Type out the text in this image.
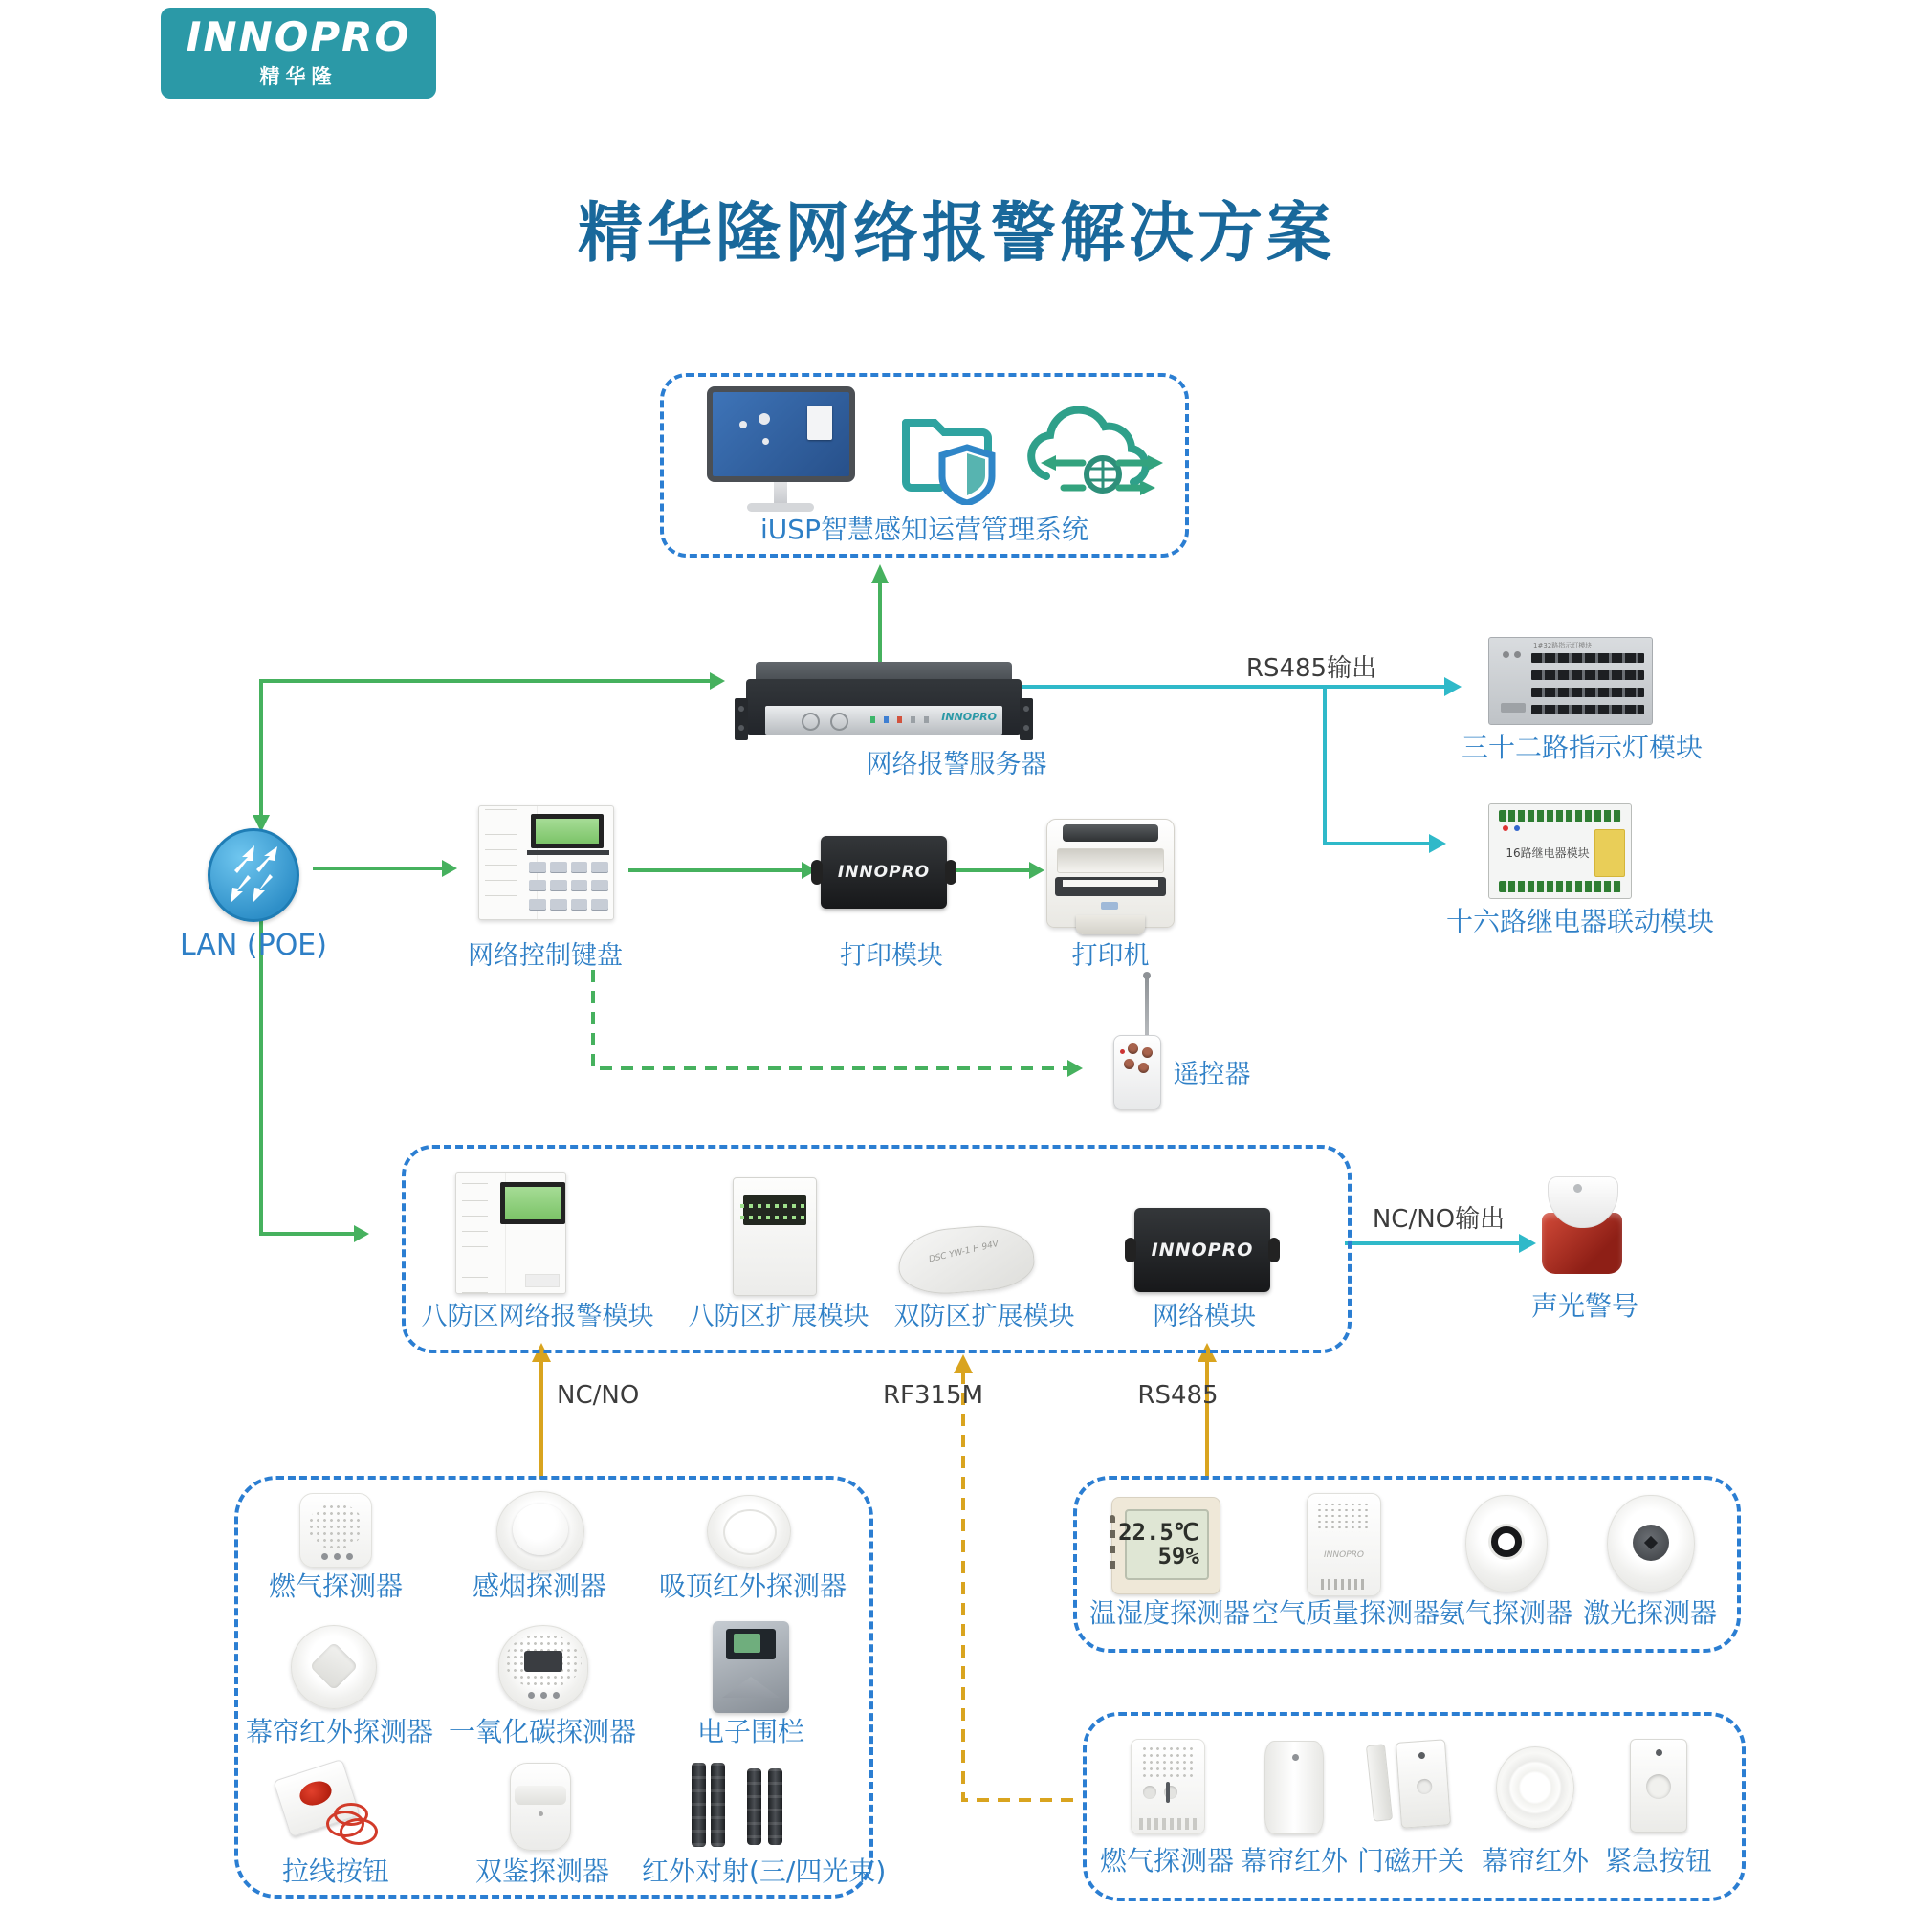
INNOPRO
精华隆
精华隆网络报警解决方案
iUSP智慧感知运营管理系统
INNOPRO
网络报警服务器
RS485输出
1#32路指示灯模块
三十二路指示灯模块
16路继电器模块
十六路继电器联动模块
LAN (POE)	网络控制键盘
INNOPRO
打印模块	打印机
遥控器
八防区网络报警模块 八防区扩展模块
DSC YW-1 H 94V
双防区扩展模块
INNOPRO
网络模块
NC/NO输出
声光警号
NC/NO	RF315M	RS485
燃气探测器	感烟探测器 吸顶红外探测器
幕帘红外探测器 一氧化碳探测器 电子围栏
拉线按钮	双鉴探测器 红外对射(三/四光束)
22.5℃
59%
温湿度探测器
INNOPRO
空气质量探测器
氨气探测器 激光探测器
燃气探测器 幕帘红外 门磁开关 幕帘红外 紧急按钮
